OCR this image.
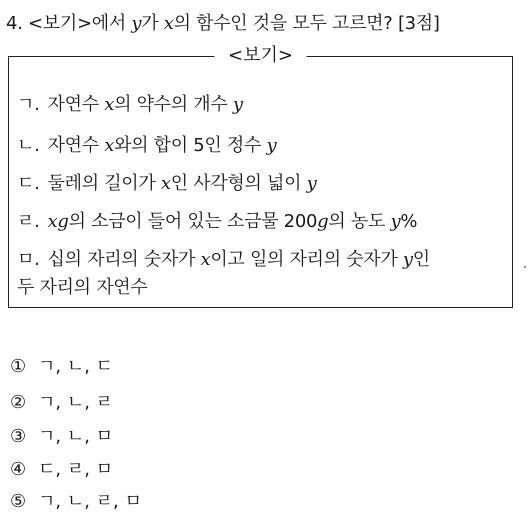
4. <보기>에서 y가 x의 함수인 것을 모두 고르면? [3점]
<보기>
ㄱ. 자연수 x의 약수의 개수 y
ㄴ. 자연수 x와의 합이 5인 정수 y
ㄷ. 둘레의 길이가 x인 사각형의 넓이 y
ㄹ. xg의 소금이 들어 있는 소금물 200g의 농도 y%
ㅁ. 십의 자리의 숫자가 x이고 일의 자리의 숫자가 y인
두 자리의 자연수
① ㄱ, ㄴ, ㄷ
② ㄱ, ㄴ, ㄹ
③ ㄱ, ㄴ, ㅁ
④ ㄷ, ㄹ, ㅁ
⑤ ㄱ, ㄴ, ㄹ, ㅁ
